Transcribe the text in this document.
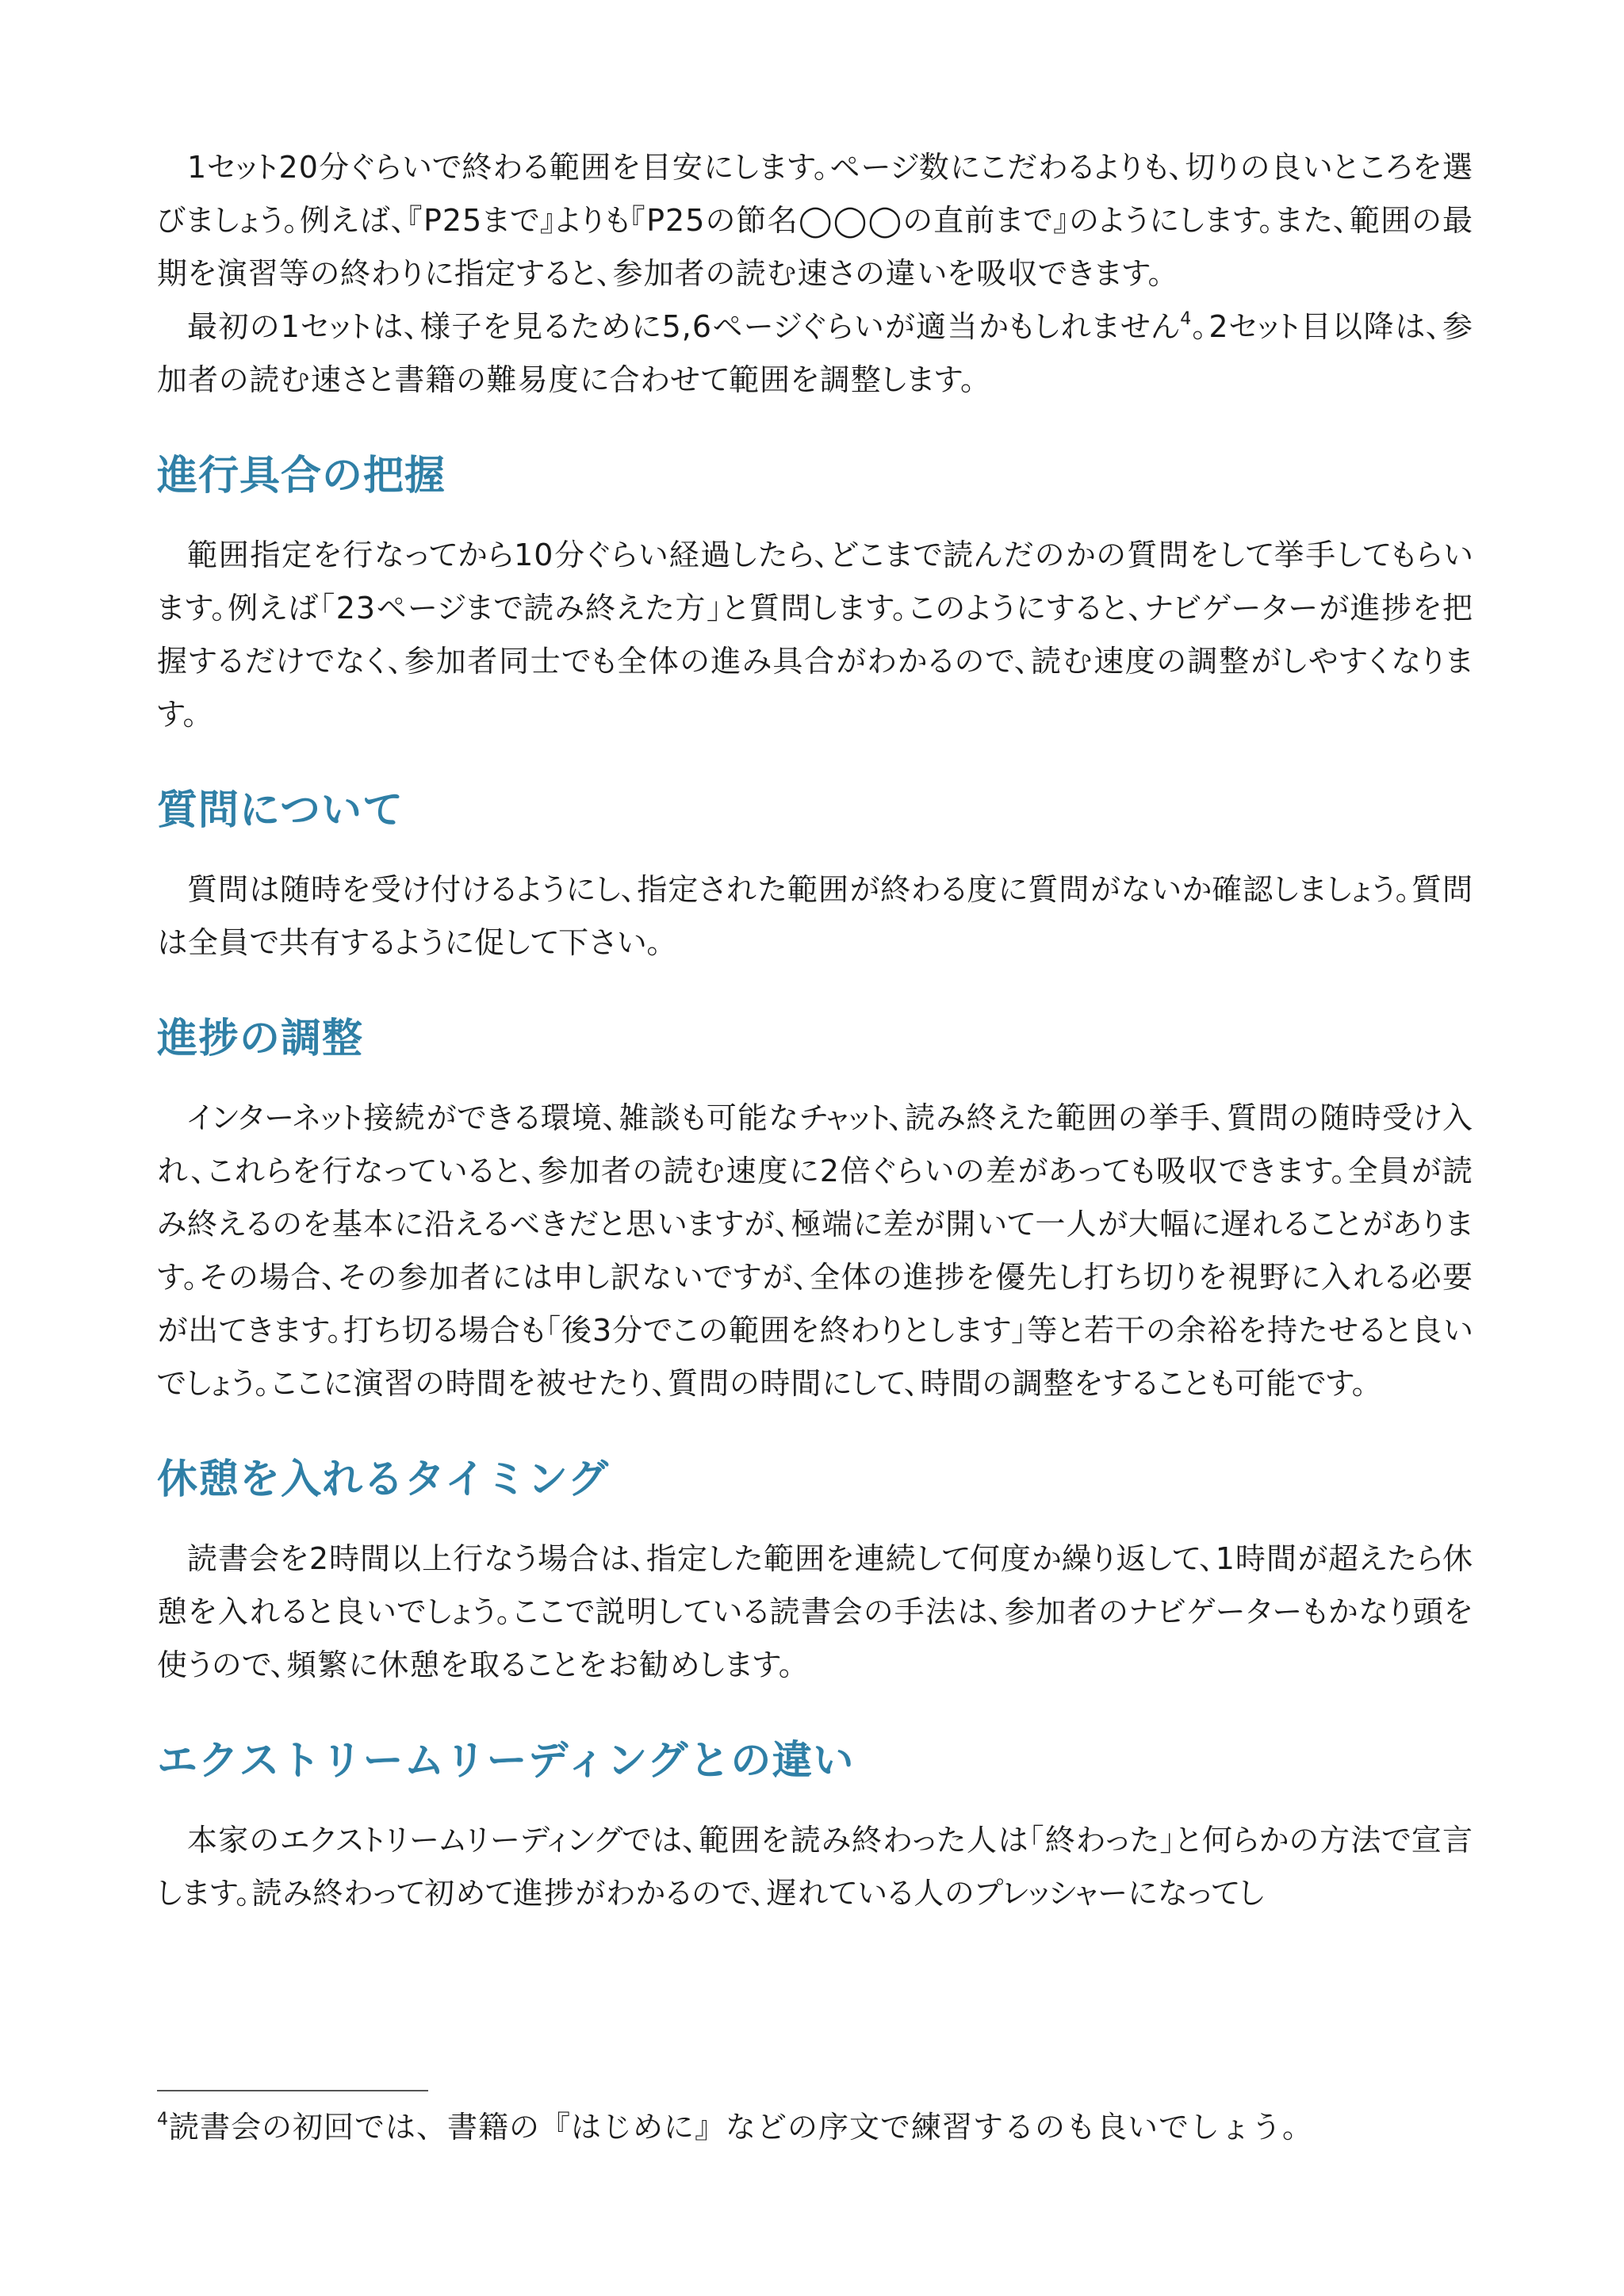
1セット20分ぐらいで終わる範囲を目安にします。ページ数にこだわるよりも、切りの良いところを選びましょう。例えば、『P25まで』よりも『P25の節名◯◯◯の直前まで』のようにします。また、範囲の最期を演習等の終わりに指定すると、参加者の読む速さの違いを吸収できます。

最初の1セットは、様子を見るために5,6ページぐらいが適当かもしれません$^4$。2セット目以降は、参加者の読む速さと書籍の難易度に合わせて範囲を調整します。

進行具合の把握

範囲指定を行なってから10分ぐらい経過したら、どこまで読んだのかの質問をして挙手してもらいます。例えば「23ページまで読み終えた方」と質問します。このようにすると、ナビゲーターが進捗を把握するだけでなく、参加者同士でも全体の進み具合がわかるので、読む速度の調整がしやすくなります。

質問について

質問は随時を受け付けるようにし、指定された範囲が終わる度に質問がないか確認しましょう。質問は全員で共有するように促して下さい。

進捗の調整

インターネット接続ができる環境、雑談も可能なチャット、読み終えた範囲の挙手、質問の随時受け入れ、これらを行なっていると、参加者の読む速度に2倍ぐらいの差があっても吸収できます。全員が読み終えるのを基本に沿えるべきだと思いますが、極端に差が開いて一人が大幅に遅れることがあります。その場合、その参加者には申し訳ないですが、全体の進捗を優先し打ち切りを視野に入れる必要が出てきます。打ち切る場合も「後3分でこの範囲を終わりとします」等と若干の余裕を持たせると良いでしょう。ここに演習の時間を被せたり、質問の時間にして、時間の調整をすることも可能です。

休憩を入れるタイミング

読書会を2時間以上行なう場合は、指定した範囲を連続して何度か繰り返して、1時間が超えたら休憩を入れると良いでしょう。ここで説明している読書会の手法は、参加者のナビゲーターもかなり頭を使うので、頻繁に休憩を取ることをお勧めします。

エクストリームリーディングとの違い

本家のエクストリームリーディングでは、範囲を読み終わった人は「終わった」と何らかの方法で宣言します。読み終わって初めて進捗がわかるので、遅れている人のプレッシャーになってし

$^4$読書会の初回では、書籍の『はじめに』などの序文で練習するのも良いでしょう。
